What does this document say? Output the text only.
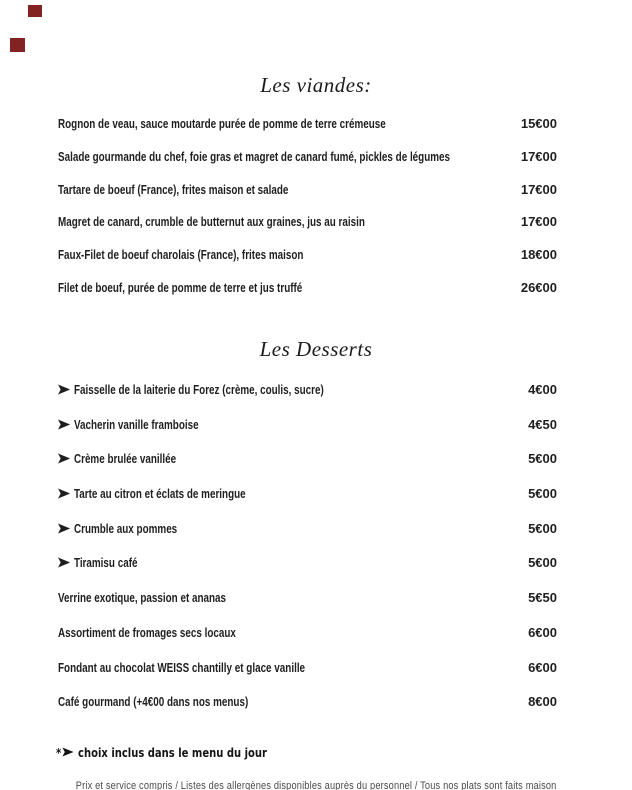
Les viandes:
Rognon de veau, sauce moutarde purée de pomme de terre crémeuse	15€00
Salade gourmande du chef, foie gras et magret de canard fumé, pickles de légumes	17€00
Tartare de boeuf (France), frites maison et salade	17€00
Magret de canard, crumble de butternut aux graines, jus au raisin	17€00
Faux-Filet de boeuf charolais (France), frites maison	18€00
Filet de boeuf, purée de pomme de terre et jus truffé	26€00
Les Desserts
Faisselle de la laiterie du Forez (crème, coulis, sucre)	4€00
Vacherin vanille framboise	4€50
Crème brulée vanillée	5€00
Tarte au citron et éclats de meringue	5€00
Crumble aux pommes	5€00
Tiramisu café	5€00
Verrine exotique, passion et ananas	5€50
Assortiment de fromages secs locaux	6€00
Fondant au chocolat WEISS chantilly et glace vanille	6€00
Café gourmand (+4€00 dans nos menus)	8€00
* choix inclus dans le menu du jour
Prix et service compris / Listes des allergènes disponibles auprès du personnel / Tous nos plats sont faits maison
